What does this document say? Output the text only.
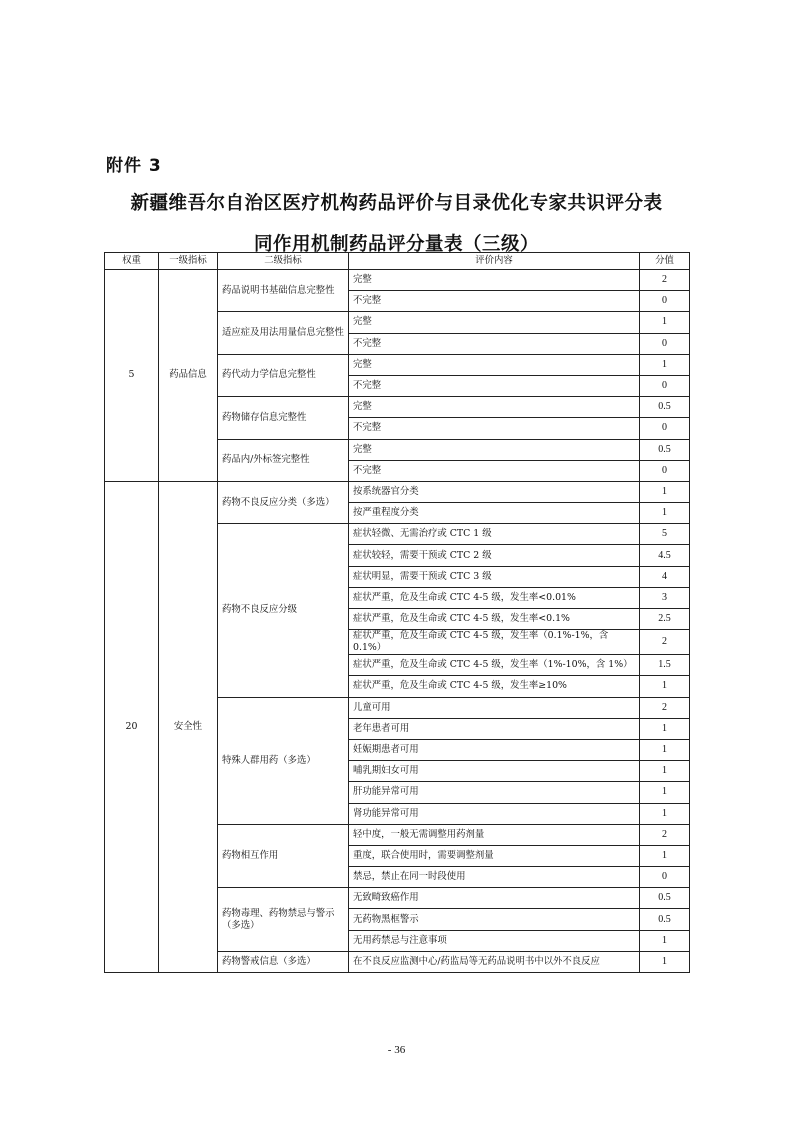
附件 3
新疆维吾尔自治区医疗机构药品评价与目录优化专家共识评分表
同作用机制药品评分量表（三级）
权重	一级指标	二级指标	评价内容	分值
5	药品信息	药品说明书基础信息完整性	完整	2
			不完整	0
		适应症及用法用量信息完整性	完整	1
			不完整	0
		药代动力学信息完整性	完整	1
			不完整	0
		药物储存信息完整性	完整	0.5
			不完整	0
		药品内/外标签完整性	完整	0.5
			不完整	0
20	安全性	药物不良反应分类（多选）	按系统器官分类	1
			按严重程度分类	1
		药物不良反应分级	症状轻微、无需治疗或 CTC 1 级	5
			症状较轻，需要干预或 CTC 2 级	4.5
			症状明显，需要干预或 CTC 3 级	4
			症状严重，危及生命或 CTC 4-5 级，发生率<0.01%	3
			症状严重，危及生命或 CTC 4-5 级，发生率<0.1%	2.5
			症状严重，危及生命或 CTC 4-5 级，发生率（0.1%-1%，含 0.1%）	2
			症状严重，危及生命或 CTC 4-5 级，发生率（1%-10%，含 1%）	1.5
			症状严重，危及生命或 CTC 4-5 级，发生率≥10%	1
		特殊人群用药（多选）	儿童可用	2
			老年患者可用	1
			妊娠期患者可用	1
			哺乳期妇女可用	1
			肝功能异常可用	1
			肾功能异常可用	1
		药物相互作用	轻中度，一般无需调整用药剂量	2
			重度，联合使用时，需要调整剂量	1
			禁忌，禁止在同一时段使用	0
		药物毒理、药物禁忌与警示（多选）	无致畸致癌作用	0.5
			无药物黑框警示	0.5
			无用药禁忌与注意事项	1
		药物警戒信息（多选）	在不良反应监测中心/药监局等无药品说明书中以外不良反应	1
- 36
